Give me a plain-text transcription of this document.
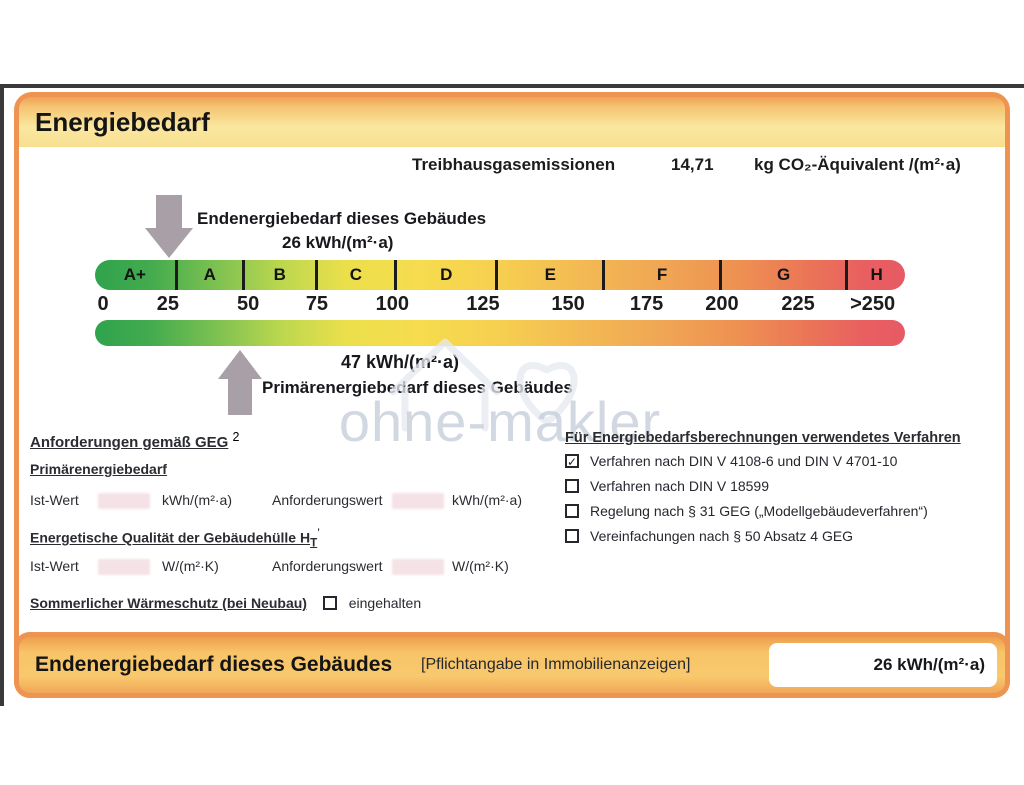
Energiebedarf
Treibhausgasemissionen	14,71 kg CO₂-Äquivalent /(m²·a)
Endenergiebedarf dieses Gebäudes
26 kWh/(m²·a)
A+	A	B	C	D	E	F	G	H
0 25	50 75 100	125	150 175 200 225 >250
47 kWh/(m²·a)
Primärenergiebedarf dieses Gebäudes
ohne-makler
Anforderungen gemäß GEG $^2$
Primärenergiebedarf
Ist-Wert	kWh/(m²·a)	Anforderungswert	kWh/(m²·a)
Energetische Qualität der Gebäudehülle $H_T^’$
Ist-Wert	W/(m²·K)	Anforderungswert	W/(m²·K)
Sommerlicher Wärmeschutz (bei Neubau)	eingehalten
Für Energiebedarfsberechnungen verwendetes Verfahren
✓ Verfahren nach DIN V 4108-6 und DIN V 4701-10
Verfahren nach DIN V 18599
Regelung nach § 31 GEG („Modellgebäudeverfahren“)
Vereinfachungen nach § 50 Absatz 4 GEG
Endenergiebedarf dieses Gebäudes [Pflichtangabe in Immobilienanzeigen]	26 kWh/(m²·a)
